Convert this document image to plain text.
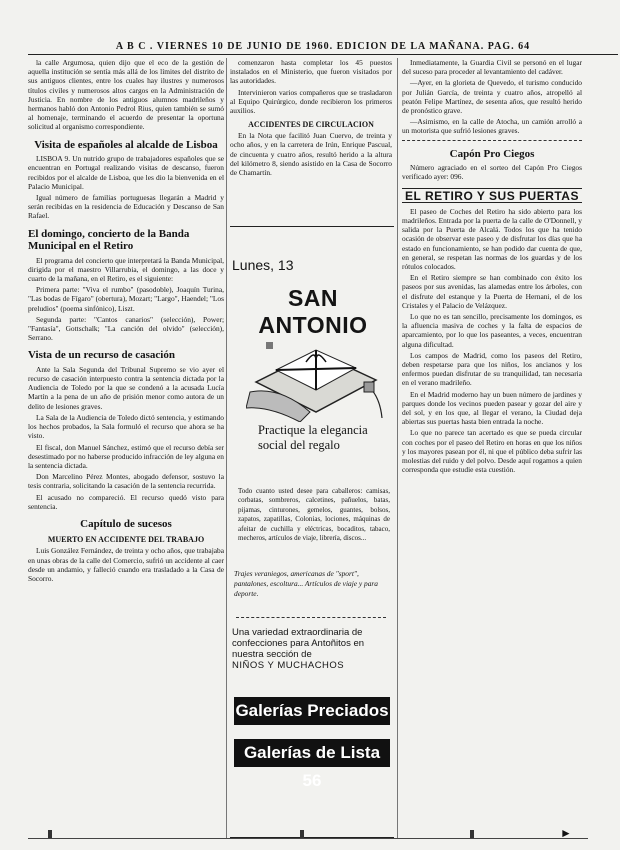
A B C . VIERNES 10 DE JUNIO DE 1960. EDICION DE LA MAÑANA. PAG. 64

la calle Argumosa, quien dijo que el eco de la gestión de aquella institución se sentía más allá de los límites del distrito de sus antiguos clientes, entre los cuales hay ilustres y numerosos títulos civiles y numerosos altos cargos en la Administración de Justicia. En nombre de los antiguos alumnos madrileños y hermanos habló don Antonio Pedrol Rius, quien también se sumó al homenaje, terminando el acuerdo de presentar la oportuna solicitud al organismo correspondiente.

Visita de españoles al alcalde de Lisboa

LISBOA 9. Un nutrido grupo de trabajadores españoles que se encuentran en Portugal realizando visitas de descanso, fueron recibidos por el alcalde de Lisboa, que les dio la bienvenida en el Palacio Municipal.

Igual número de familias portuguesas llegarán a Madrid y serán recibidas en la residencia de Educación y Descanso de San Rafael.

El domingo, concierto de la Banda Municipal en el Retiro

El programa del concierto que interpretará la Banda Municipal, dirigida por el maestro Villarrubia, el domingo, a las doce y cuarto de la mañana, en el Retiro, es el siguiente:

Primera parte: "Viva el rumbo" (pasodoble), Joaquín Turina, "Las bodas de Fígaro" (obertura), Mozart; "Largo", Haendel; "Los preludios" (poema sinfónico), Liszt.

Segunda parte: "Cantos canarios" (selección), Power; "Fantasía", Gottschalk; "La canción del olvido" (selección), Serrano.

Vista de un recurso de casación

Ante la Sala Segunda del Tribunal Supremo se vio ayer el recurso de casación interpuesto contra la sentencia dictada por la Audiencia de Toledo por la que se condenó a la acusada Lucía Martín a la pena de un año de prisión menor como autora de un delito de lesiones graves.

La Sala de la Audiencia de Toledo dictó sentencia, y estimando los hechos probados, la Sala formuló el recurso que ahora se ha visto.

El fiscal, don Manuel Sánchez, estimó que el recurso debía ser desestimado por no haberse producido infracción de ley alguna en la sentencia dictada.

Don Marcelino Pérez Montes, abogado defensor, sostuvo la tesis contraria, solicitando la casación de la sentencia recurrida.

El acusado no compareció. El recurso quedó visto para sentencia.

Capítulo de sucesos
MUERTO EN ACCIDENTE DEL TRABAJO

Luis González Fernández, de treinta y ocho años, que trabajaba en unas obras de la calle del Comercio, sufrió un accidente al caer desde un andamio, y falleció cuando era trasladado a la Casa de Socorro.

comenzaron hasta completar los 45 puestos instalados en el Ministerio, que fueron visitados por las autoridades.

Intervinieron varios compañeros que se trasladaron al Equipo Quirúrgico, donde recibieron los primeros auxilios.

ACCIDENTES DE CIRCULACION

En la Nota que facilitó Juan Cuervo, de treinta y ocho años, y en la carretera de Irún, Enrique Pascual, de cincuenta y cuatro años, resultó herido a la altura del kilómetro 8, siendo asistido en la Casa de Socorro de Chamartín.

Lunes, 13
SAN ANTONIO
Practique la elegancia social del regalo
Todo cuanto usted desee para caballeros: camisas, corbatas, sombreros, calcetines, pañuelos, batas, pijamas, cinturones, gemelos, guantes, bolsos, zapatos, zapatillas, Colonias, lociones, máquinas de afeitar de cuchilla y eléctricas, bocaditos, tabaco, mecheros, artículos de viaje, librería, discos...
Trajes veraniegos, americanas de "sport", pantalones, escoltura... Artículos de viaje y para deporte.
Una variedad extraordinaria de confecciones para Antoñitos en nuestra sección de
NIÑOS Y MUCHACHOS
Galerías Preciados
Galerías de Lista 56

Inmediatamente, la Guardia Civil se personó en el lugar del suceso para proceder al levantamiento del cadáver.

—Ayer, en la glorieta de Quevedo, el turismo conducido por Julián García, de treinta y cuatro años, atropelló al peatón Felipe Martínez, de sesenta años, que resultó herido de pronóstico grave.

—Asimismo, en la calle de Atocha, un camión arrolló a un motorista que sufrió lesiones graves.

Capón Pro Ciegos

Número agraciado en el sorteo del Capón Pro Ciegos verificado ayer: 096.

EL RETIRO Y SUS PUERTAS

El paseo de Coches del Retiro ha sido abierto para los madrileños. Entrada por la puerta de la calle de O'Donnell, y salida por la Puerta de Alcalá. Todos los que ha tenido ocasión de observar este paseo y de disfrutar los días que ha estado en funcionamiento, se han podido dar cuenta de que, en general, se respetan las normas de los guardas y de los rótulos colocados.

En el Retiro siempre se han combinado con éxito los paseos por sus avenidas, las alamedas entre los árboles, con el disfrute del estanque y la Puerta de Hernani, el de los Cristales y el Palacio de Velázquez.

Lo que no es tan sencillo, precisamente los domingos, es la afluencia masiva de coches y la falta de espacios de aparcamiento, por lo que los paseantes, a veces, encuentran alguna dificultad.

Los campos de Madrid, como los paseos del Retiro, deben respetarse para que los niños, los ancianos y los enfermos puedan disfrutar de su tranquilidad, tan necesaria en el verano madrileño.

En el Madrid moderno hay un buen número de jardines y parques donde los vecinos pueden pasear y gozar del aire y del sol, y en los que, al llegar el verano, la Ciudad deja abiertas sus puertas hasta bien entrada la noche.

Lo que no parece tan acertado es que se pueda circular con coches por el paseo del Retiro en horas en que los niños y los mayores pasean por él, ni que el público deba sufrir las molestias del ruido y del polvo. Desde aquí rogamos a quien corresponda que estudie esta cuestión.

►
